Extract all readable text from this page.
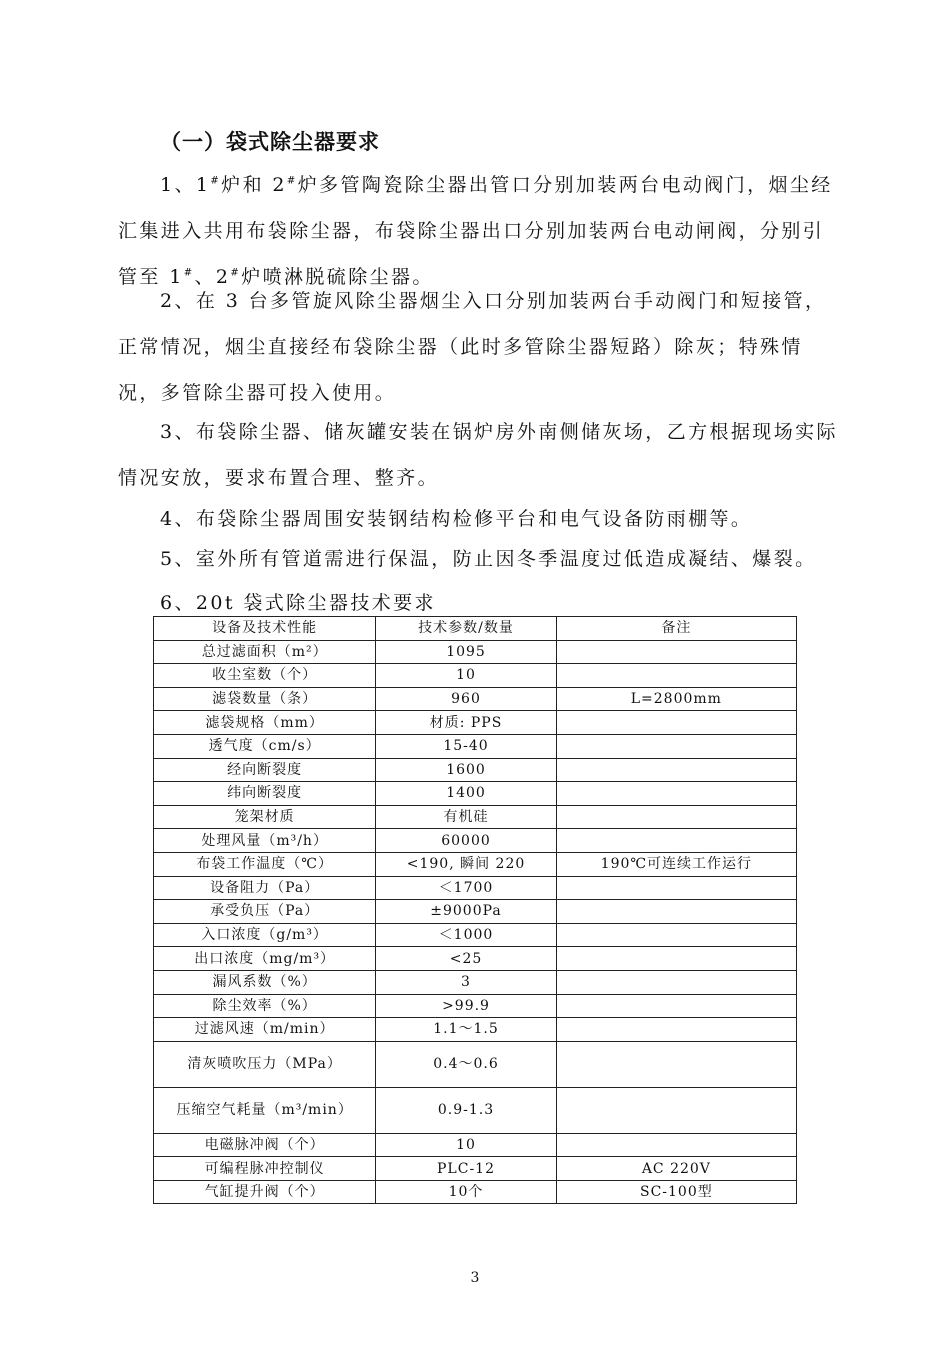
（一）袋式除尘器要求

1、1#炉和 2#炉多管陶瓷除尘器出管口分别加装两台电动阀门，烟尘经汇集进入共用布袋除尘器，布袋除尘器出口分别加装两台电动闸阀，分别引管至 1#、2#炉喷淋脱硫除尘器。

2、在 3 台多管旋风除尘器烟尘入口分别加装两台手动阀门和短接管，正常情况，烟尘直接经布袋除尘器（此时多管除尘器短路）除灰；特殊情况，多管除尘器可投入使用。

3、布袋除尘器、储灰罐安装在锅炉房外南侧储灰场，乙方根据现场实际情况安放，要求布置合理、整齐。

4、布袋除尘器周围安装钢结构检修平台和电气设备防雨棚等。

5、室外所有管道需进行保温，防止因冬季温度过低造成凝结、爆裂。

6、20t 袋式除尘器技术要求
设备及技术性能	技术参数/数量	备注
总过滤面积（m²）	1095	
收尘室数（个）	10	
滤袋数量（条）	960	L=2800mm
滤袋规格（mm）	材质: PPS	
透气度（cm/s）	15-40	
经向断裂度	1600	
纬向断裂度	1400	
笼架材质	有机硅	
处理风量（m³/h）	60000	
布袋工作温度（℃）	<190, 瞬间 220	190℃可连续工作运行
设备阻力（Pa）	＜1700	
承受负压（Pa）	±9000Pa	
入口浓度（g/m³）	＜1000	
出口浓度（mg/m³）	<25	
漏风系数（%）	3	
除尘效率（%）	>99.9	
过滤风速（m/min）	1.1～1.5	
清灰喷吹压力（MPa）	0.4～0.6	
压缩空气耗量（m³/min）	0.9-1.3	
电磁脉冲阀（个）	10	
可编程脉冲控制仪	PLC-12	AC 220V
气缸提升阀（个）	10个	SC-100型
3
